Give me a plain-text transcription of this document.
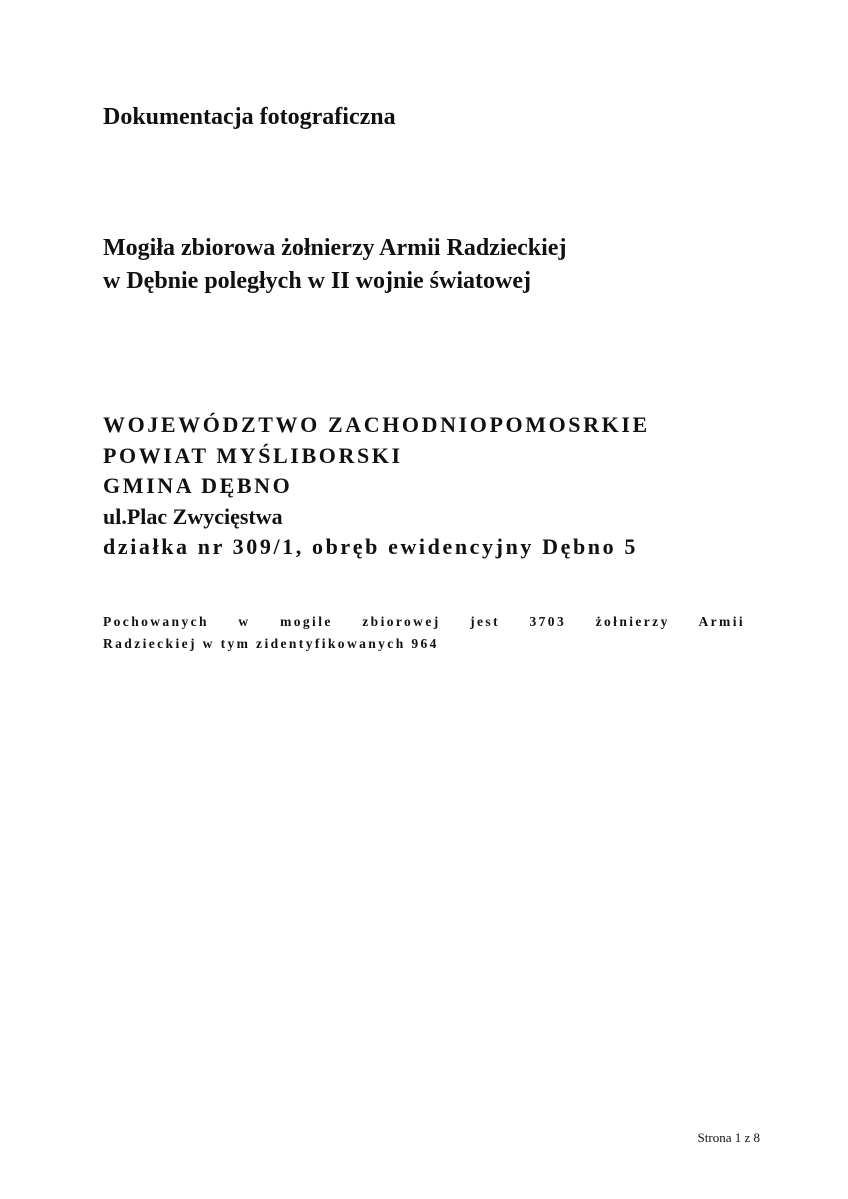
Dokumentacja fotograficzna
Mogiła zbiorowa żołnierzy Armii Radzieckiej
w Dębnie poległych w II wojnie światowej
WOJEWÓDZTWO ZACHODNIOPOMOSRKIE
POWIAT MYŚLIBORSKI
GMINA DĘBNO
ul.Plac Zwycięstwa
działka nr 309/1, obręb ewidencyjny Dębno 5
Pochowanych w mogile zbiorowej jest 3703 żołnierzy Armii
Radzieckiej w tym zidentyfikowanych 964
Strona 1 z 8
